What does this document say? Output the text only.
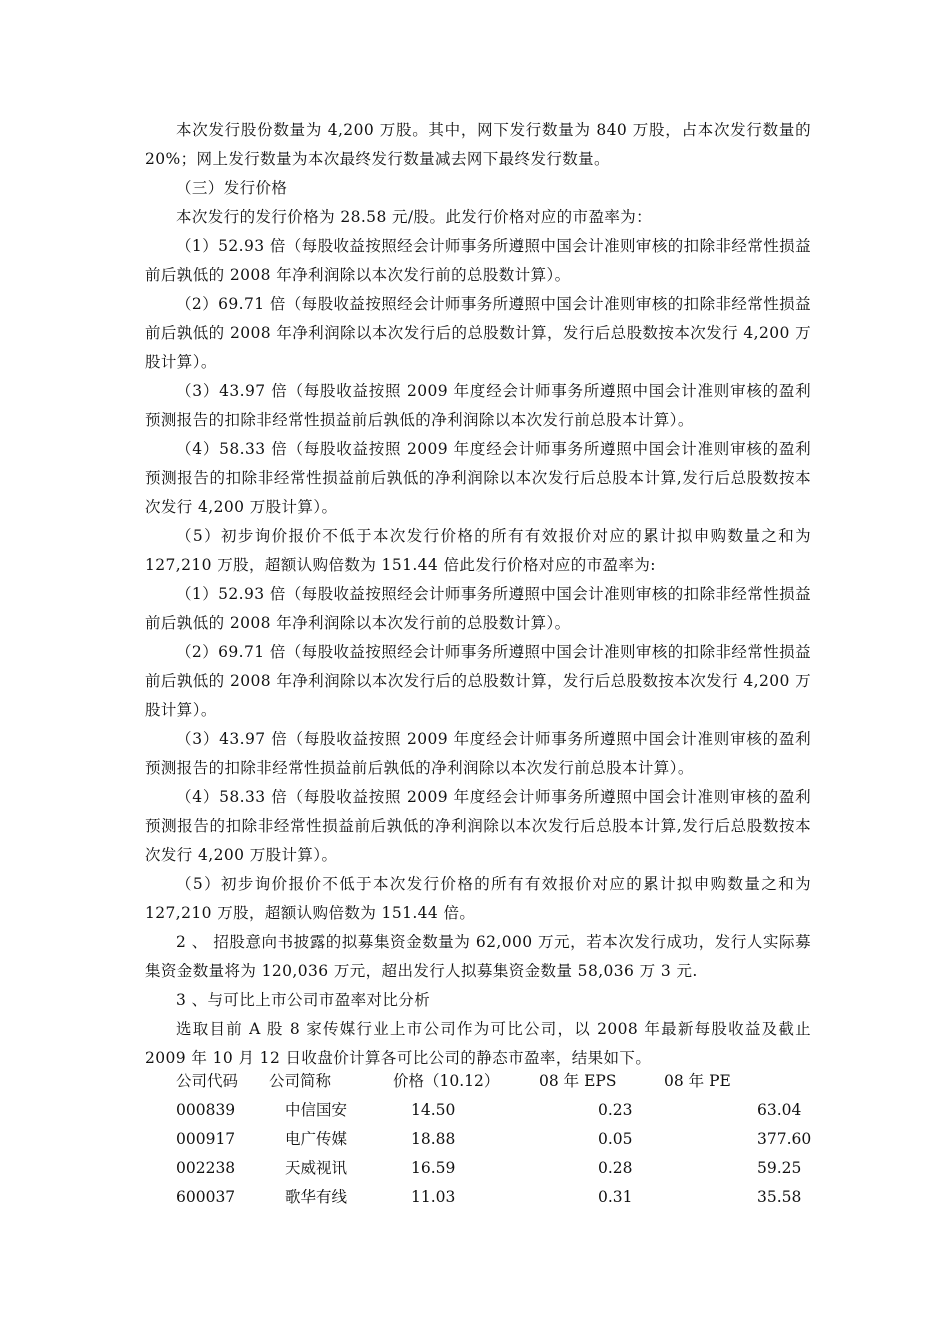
本次发行股份数量为 4,200 万股。其中，网下发行数量为 840 万股，占本次发行数量的 20%；网上发行数量为本次最终发行数量减去网下最终发行数量。

（三）发行价格

本次发行的发行价格为 28.58 元/股。此发行价格对应的市盈率为：

（1）52.93 倍（每股收益按照经会计师事务所遵照中国会计准则审核的扣除非经常性损益前后孰低的 2008 年净利润除以本次发行前的总股数计算）。

（2）69.71 倍（每股收益按照经会计师事务所遵照中国会计准则审核的扣除非经常性损益前后孰低的 2008 年净利润除以本次发行后的总股数计算，发行后总股数按本次发行 4,200 万股计算）。

（3）43.97 倍（每股收益按照 2009 年度经会计师事务所遵照中国会计准则审核的盈利预测报告的扣除非经常性损益前后孰低的净利润除以本次发行前总股本计算）。

（4）58.33 倍（每股收益按照 2009 年度经会计师事务所遵照中国会计准则审核的盈利预测报告的扣除非经常性损益前后孰低的净利润除以本次发行后总股本计算,发行后总股数按本次发行 4,200 万股计算）。

（5）初步询价报价不低于本次发行价格的所有有效报价对应的累计拟申购数量之和为 127,210 万股，超额认购倍数为 151.44 倍此发行价格对应的市盈率为:

（1）52.93 倍（每股收益按照经会计师事务所遵照中国会计准则审核的扣除非经常性损益前后孰低的 2008 年净利润除以本次发行前的总股数计算）。

（2）69.71 倍（每股收益按照经会计师事务所遵照中国会计准则审核的扣除非经常性损益前后孰低的 2008 年净利润除以本次发行后的总股数计算，发行后总股数按本次发行 4,200 万股计算）。

（3）43.97 倍（每股收益按照 2009 年度经会计师事务所遵照中国会计准则审核的盈利预测报告的扣除非经常性损益前后孰低的净利润除以本次发行前总股本计算）。

（4）58.33 倍（每股收益按照 2009 年度经会计师事务所遵照中国会计准则审核的盈利预测报告的扣除非经常性损益前后孰低的净利润除以本次发行后总股本计算,发行后总股数按本次发行 4,200 万股计算）。

（5）初步询价报价不低于本次发行价格的所有有效报价对应的累计拟申购数量之和为 127,210 万股，超额认购倍数为 151.44 倍。

2 、 招股意向书披露的拟募集资金数量为 62,000 万元，若本次发行成功，发行人实际募集资金数量将为 120,036 万元，超出发行人拟募集资金数量 58,036 万 3 元.

3 、与可比上市公司市盈率对比分析

选取目前 A 股 8 家传媒行业上市公司作为可比公司，以 2008 年最新每股收益及截止 2009 年 10 月 12 日收盘价计算各可比公司的静态市盈率，结果如下。

公司代码 公司简称	价格（10.12）	08 年 EPS	08 年 PE
000839	中信国安	14.50	0.23	63.04
000917	电广传媒	18.88	0.05	377.60
002238	天威视讯	16.59	0.28	59.25
600037	歌华有线	11.03	0.31	35.58
